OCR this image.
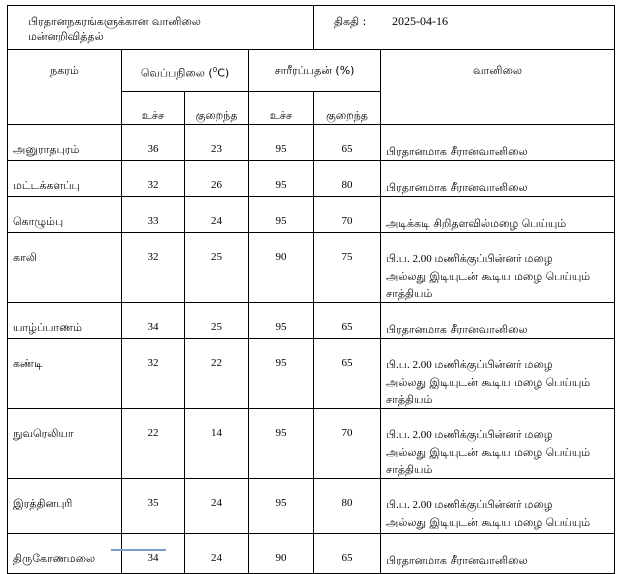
பிரதானநகரங்களுக்கான வானிலை
மன்னறிவித்தல்				திகதி : 2025-04-16	
நகரம்	வெப்பநிலை ($^0$C)		சாரீரப்பதன் (%)		வானிலை
	உச்ச	குறைந்த	உச்ச	குறைந்த	
அனுராதபுரம்	36	23	95	65	பிரதானமாக சீரானவானிலை

மட்டக்களப்பு	32	26	95	80	பிரதானமாக சீரானவானிலை

கொழும்பு	33	24	95	70	அடிக்கடி சிறிதளவில்மழை பெய்யும்

காலி	32	25	90	75	பி.ப. 2.00 மணிக்குப்பின்னர் மழை
அல்லது இடியுடன் கூடிய மழை பெய்யும்
சாத்தியம்

யாழ்ப்பாணம்	34	25	95	65	பிரதானமாக சீரானவானிலை

கண்டி	32	22	95	65	பி.ப. 2.00 மணிக்குப்பின்னர் மழை
அல்லது இடியுடன் கூடிய மழை பெய்யும்
சாத்தியம்

நுவரெலியா	22	14	95	70	பி.ப. 2.00 மணிக்குப்பின்னர் மழை
அல்லது இடியுடன் கூடிய மழை பெய்யும்
சாத்தியம்

இரத்தினபுரி	35	24	95	80	பி.ப. 2.00 மணிக்குப்பின்னர் மழை
அல்லது இடியுடன் கூடிய மழை பெய்யும்

திருகோணமலை	34	24	90	65	பிரதானமாக சீரானவானிலை
